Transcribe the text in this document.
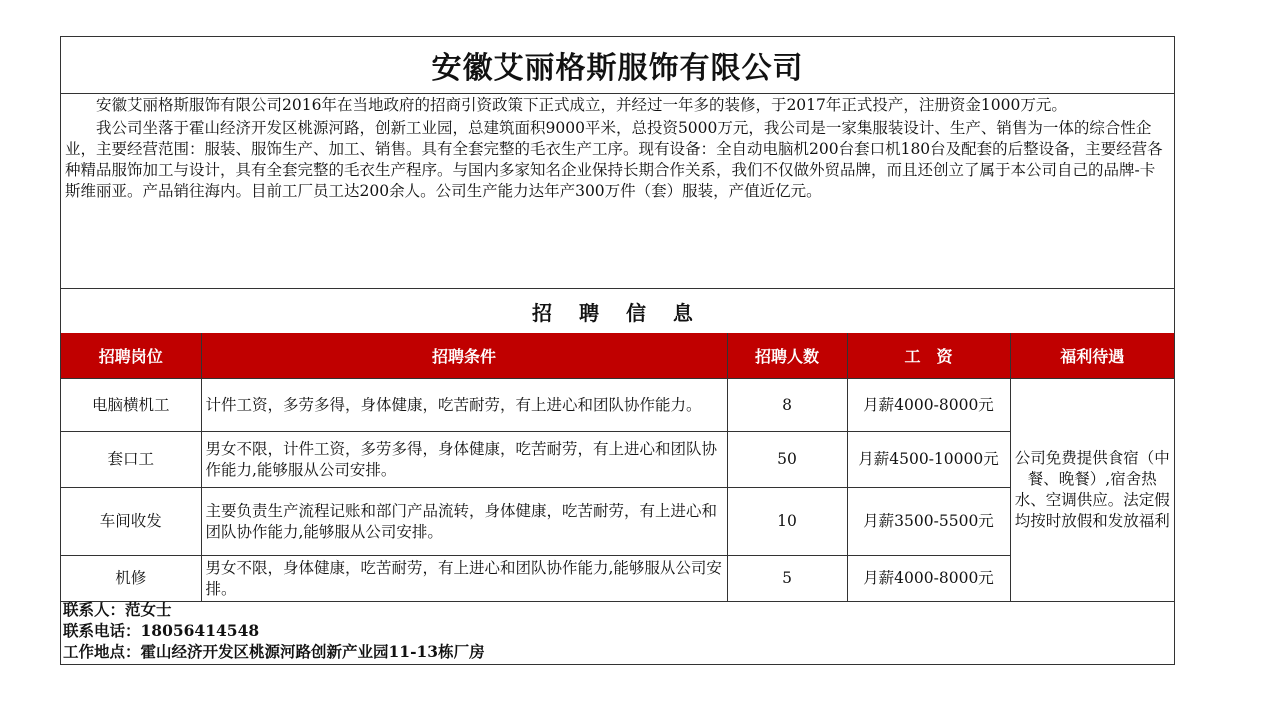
安徽艾丽格斯服饰有限公司

安徽艾丽格斯服饰有限公司2016年在当地政府的招商引资政策下正式成立，并经过一年多的装修，于2017年正式投产，注册资金1000万元。

我公司坐落于霍山经济开发区桃源河路，创新工业园，总建筑面积9000平米，总投资5000万元，我公司是一家集服装设计、生产、销售为一体的综合性企业，主要经营范围：服装、服饰生产、加工、销售。具有全套完整的毛衣生产工序。现有设备：全自动电脑机200台套口机180台及配套的后整设备，主要经营各种精品服饰加工与设计，具有全套完整的毛衣生产程序。与国内多家知名企业保持长期合作关系，我们不仅做外贸品牌，而且还创立了属于本公司自己的品牌-卡斯维丽亚。产品销往海内。目前工厂员工达200余人。公司生产能力达年产300万件（套）服装，产值近亿元。

招 聘 信 息
招聘岗位	招聘条件	招聘人数	工　资	福利待遇
电脑横机工	计件工资，多劳多得，身体健康，吃苦耐劳，有上进心和团队协作能力。	8	月薪4000-8000元	公司免费提供食宿（中餐、晚餐）,宿舍热水、空调供应。法定假均按时放假和发放福利
套口工	男女不限，计件工资，多劳多得，身体健康，吃苦耐劳，有上进心和团队协作能力,能够服从公司安排。	50	月薪4500-10000元	
车间收发	主要负责生产流程记账和部门产品流转，身体健康，吃苦耐劳，有上进心和团队协作能力,能够服从公司安排。	10	月薪3500-5500元	
机修	男女不限，身体健康，吃苦耐劳，有上进心和团队协作能力,能够服从公司安排。	5	月薪4000-8000元	
联系人：范女士
联系电话：18056414548
工作地点：霍山经济开发区桃源河路创新产业园11-13栋厂房
